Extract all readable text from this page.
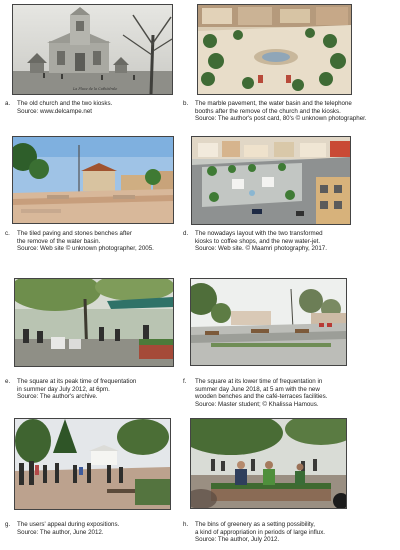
La Place de la Cathédrale
a. The old church and the two kiosks.
Source: www.delcampe.net
b. The marble pavement, the water basin and the telephone
booths after the remove of the church and the kiosks.
Source: The author's post card, 80's © unknown photographer.
c. The tiled paving and stones benches after
the remove of the water basin.
Source: Web site © unknown photographer, 2005.
d. The nowadays layout with the two transformed
kiosks to coffee shops, and the new water-jet.
Source: Web site. © Maamri photography, 2017.
e. The square at its peak time of frequentation
in summer day July 2012, at 6pm.
Source: The author's archive.
f. The square at its lower time of frequentation in
summer day June 2018, at 5 am with the new
wooden benches and the café-terraces facilities.
Source: Master student; © Khalissa Hamous.
g. The users' appeal during expositions.
Source: The author, June 2012.
h. The bins of greenery as a setting possibility,
a kind of appropriation in periods of large influx.
Source: The author, July 2012.
